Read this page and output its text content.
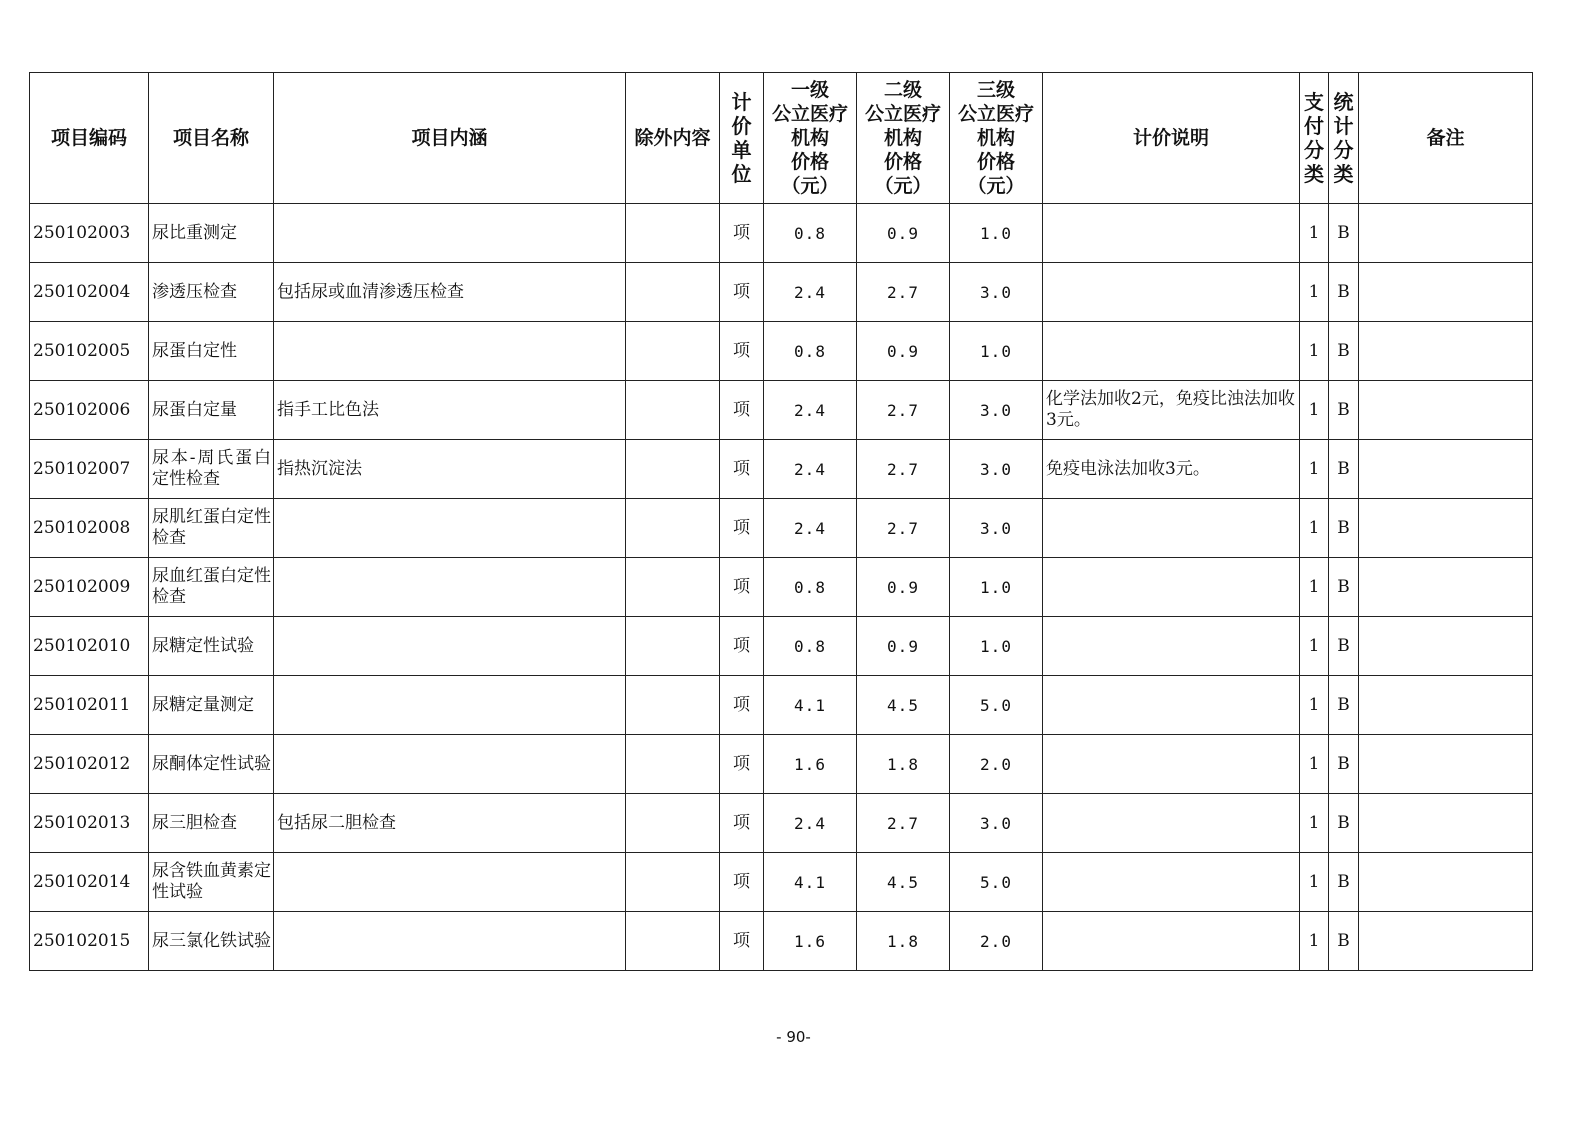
项目编码	项目名称	项目内涵	除外内容	计
价
单
位	一级
公立医疗
机构
价格
（元）	二级
公立医疗
机构
价格
（元）	三级
公立医疗
机构
价格
（元）	计价说明	支
付
分
类	统
计
分
类	备注
250102003	尿比重测定			项	0.8	0.9	1.0		1	B	
250102004	渗透压检查	包括尿或血清渗透压检查		项	2.4	2.7	3.0		1	B	
250102005	尿蛋白定性			项	0.8	0.9	1.0		1	B	
250102006	尿蛋白定量	指手工比色法		项	2.4	2.7	3.0	化学法加收2元，免疫比浊法加收3元。	1	B	
250102007	尿本-周氏蛋白定性检查	指热沉淀法		项	2.4	2.7	3.0	免疫电泳法加收3元。	1	B	
250102008	尿肌红蛋白定性检查			项	2.4	2.7	3.0		1	B	
250102009	尿血红蛋白定性检查			项	0.8	0.9	1.0		1	B	
250102010	尿糖定性试验			项	0.8	0.9	1.0		1	B	
250102011	尿糖定量测定			项	4.1	4.5	5.0		1	B	
250102012	尿酮体定性试验			项	1.6	1.8	2.0		1	B	
250102013	尿三胆检查	包括尿二胆检查		项	2.4	2.7	3.0		1	B	
250102014	尿含铁血黄素定性试验			项	4.1	4.5	5.0		1	B	
250102015	尿三氯化铁试验			项	1.6	1.8	2.0		1	B	
- 90-
